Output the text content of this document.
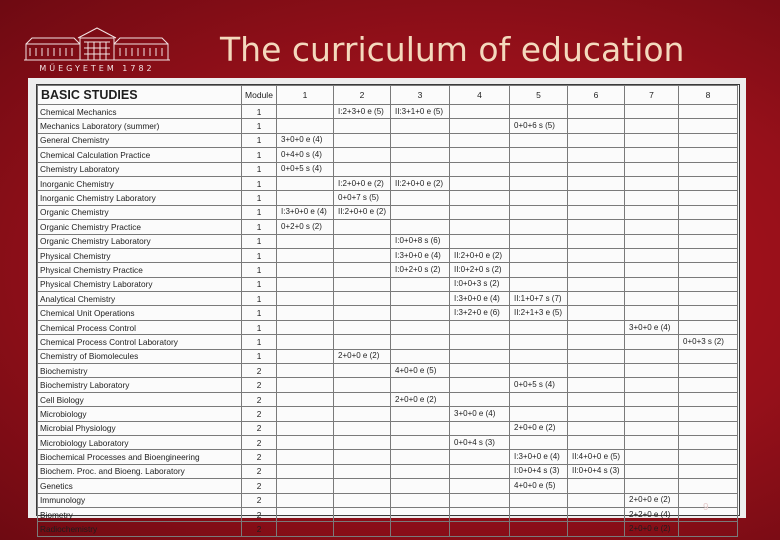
MŰEGYETEM 1782	The curriculum of education
BASIC STUDIES	Module	1	2	3	4	5	6	7	8
Chemical Mechanics	1		I:2+3+0 e (5)	II:3+1+0 e (5)					
Mechanics Laboratory (summer)	1					0+0+6 s (5)			
General Chemistry	1	3+0+0 e (4)							
Chemical Calculation Practice	1	0+4+0 s (4)							
Chemistry Laboratory	1	0+0+5 s (4)							
Inorganic Chemistry	1		I:2+0+0 e (2)	II:2+0+0 e (2)					
Inorganic Chemistry Laboratory	1		0+0+7 s (5)						
Organic Chemistry	1	I:3+0+0 e (4)	II:2+0+0 e (2)						
Organic Chemistry Practice	1	0+2+0 s (2)							
Organic Chemistry Laboratory	1			I:0+0+8 s (6)					
Physical Chemistry	1			I:3+0+0 e (4)	II:2+0+0 e (2)				
Physical Chemistry Practice	1			I:0+2+0 s (2)	II:0+2+0 s (2)				
Physical Chemistry Laboratory	1				I:0+0+3 s (2)				
Analytical Chemistry	1				I:3+0+0 e (4)	II:1+0+7 s (7)			
Chemical Unit Operations	1				I:3+2+0 e (6)	II:2+1+3 e (5)			
Chemical Process Control	1							3+0+0 e (4)	
Chemical Process Control Laboratory	1								0+0+3 s (2)
Chemistry of Biomolecules	1		2+0+0 e (2)						
Biochemistry	2			4+0+0 e (5)					
Biochemistry Laboratory	2					0+0+5 s (4)			
Cell Biology	2			2+0+0 e (2)					
Microbiology	2				3+0+0 e (4)				
Microbial Physiology	2					2+0+0 e (2)			
Microbiology Laboratory	2				0+0+4 s (3)				
Biochemical Processes and Bioengineering	2					I:3+0+0 e (4)	II:4+0+0 e (5)		
Biochem. Proc. and Bioeng. Laboratory	2					I:0+0+4 s (3)	II:0+0+4 s (3)		
Genetics	2					4+0+0 e (5)			
Immunology	2							2+0+0 e (2)	
Biometry	2							2+2+0 e (4)	
Radiochemistry	2							2+0+0 e (2)	
9
